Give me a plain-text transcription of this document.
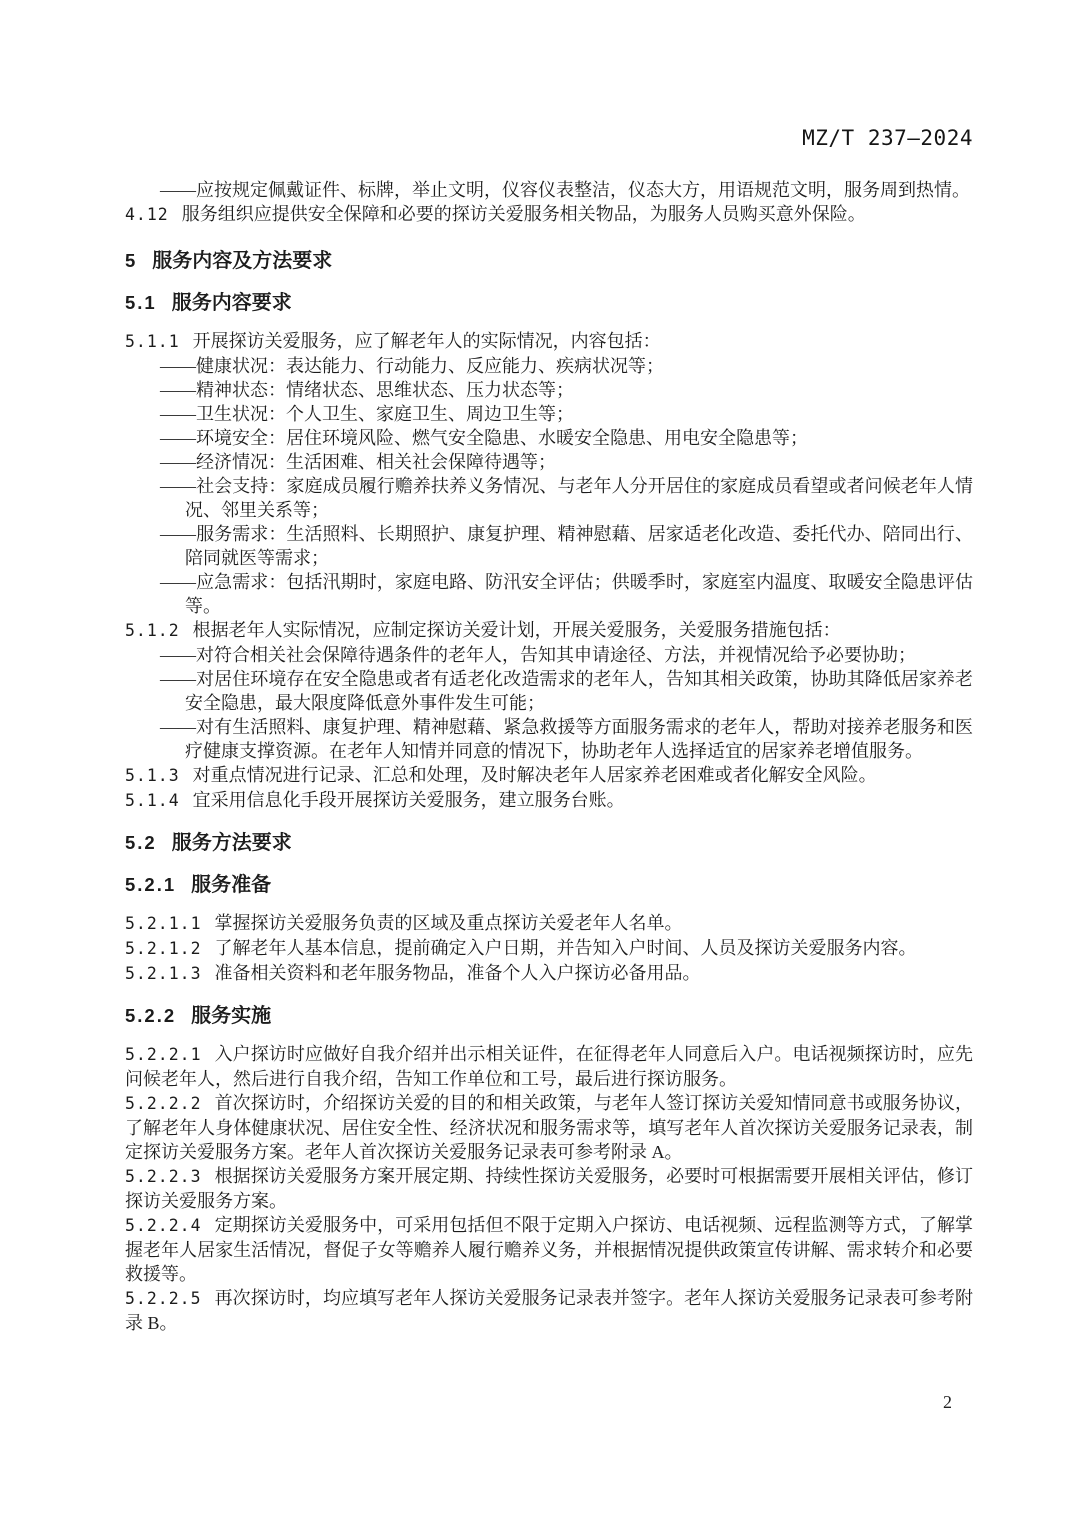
MZ/T 237—2024

——应按规定佩戴证件、标牌，举止文明，仪容仪表整洁，仪态大方，用语规范文明，服务周到热情。

4.12 服务组织应提供安全保障和必要的探访关爱服务相关物品，为服务人员购买意外保险。

5 服务内容及方法要求

5.1 服务内容要求

5.1.1 开展探访关爱服务，应了解老年人的实际情况，内容包括：

——健康状况：表达能力、行动能力、反应能力、疾病状况等；

——精神状态：情绪状态、思维状态、压力状态等；

——卫生状况：个人卫生、家庭卫生、周边卫生等；

——环境安全：居住环境风险、燃气安全隐患、水暖安全隐患、用电安全隐患等；

——经济情况：生活困难、相关社会保障待遇等；

——社会支持：家庭成员履行赡养扶养义务情况、与老年人分开居住的家庭成员看望或者问候老年人情况、邻里关系等；

——服务需求：生活照料、长期照护、康复护理、精神慰藉、居家适老化改造、委托代办、陪同出行、陪同就医等需求；

——应急需求：包括汛期时，家庭电路、防汛安全评估；供暖季时，家庭室内温度、取暖安全隐患评估等。

5.1.2 根据老年人实际情况，应制定探访关爱计划，开展关爱服务，关爱服务措施包括：

——对符合相关社会保障待遇条件的老年人，告知其申请途径、方法，并视情况给予必要协助；

——对居住环境存在安全隐患或者有适老化改造需求的老年人，告知其相关政策，协助其降低居家养老安全隐患，最大限度降低意外事件发生可能；

——对有生活照料、康复护理、精神慰藉、紧急救援等方面服务需求的老年人，帮助对接养老服务和医疗健康支撑资源。在老年人知情并同意的情况下，协助老年人选择适宜的居家养老增值服务。

5.1.3 对重点情况进行记录、汇总和处理，及时解决老年人居家养老困难或者化解安全风险。

5.1.4 宜采用信息化手段开展探访关爱服务，建立服务台账。

5.2 服务方法要求

5.2.1 服务准备

5.2.1.1 掌握探访关爱服务负责的区域及重点探访关爱老年人名单。

5.2.1.2 了解老年人基本信息，提前确定入户日期，并告知入户时间、人员及探访关爱服务内容。

5.2.1.3 准备相关资料和老年服务物品，准备个人入户探访必备用品。

5.2.2 服务实施

5.2.2.1 入户探访时应做好自我介绍并出示相关证件，在征得老年人同意后入户。电话视频探访时，应先问候老年人，然后进行自我介绍，告知工作单位和工号，最后进行探访服务。

5.2.2.2 首次探访时，介绍探访关爱的目的和相关政策，与老年人签订探访关爱知情同意书或服务协议，了解老年人身体健康状况、居住安全性、经济状况和服务需求等，填写老年人首次探访关爱服务记录表，制定探访关爱服务方案。老年人首次探访关爱服务记录表可参考附录 A。

5.2.2.3 根据探访关爱服务方案开展定期、持续性探访关爱服务，必要时可根据需要开展相关评估，修订探访关爱服务方案。

5.2.2.4 定期探访关爱服务中，可采用包括但不限于定期入户探访、电话视频、远程监测等方式，了解掌握老年人居家生活情况，督促子女等赡养人履行赡养义务，并根据情况提供政策宣传讲解、需求转介和必要救援等。

5.2.2.5 再次探访时，均应填写老年人探访关爱服务记录表并签字。老年人探访关爱服务记录表可参考附录 B。

2
